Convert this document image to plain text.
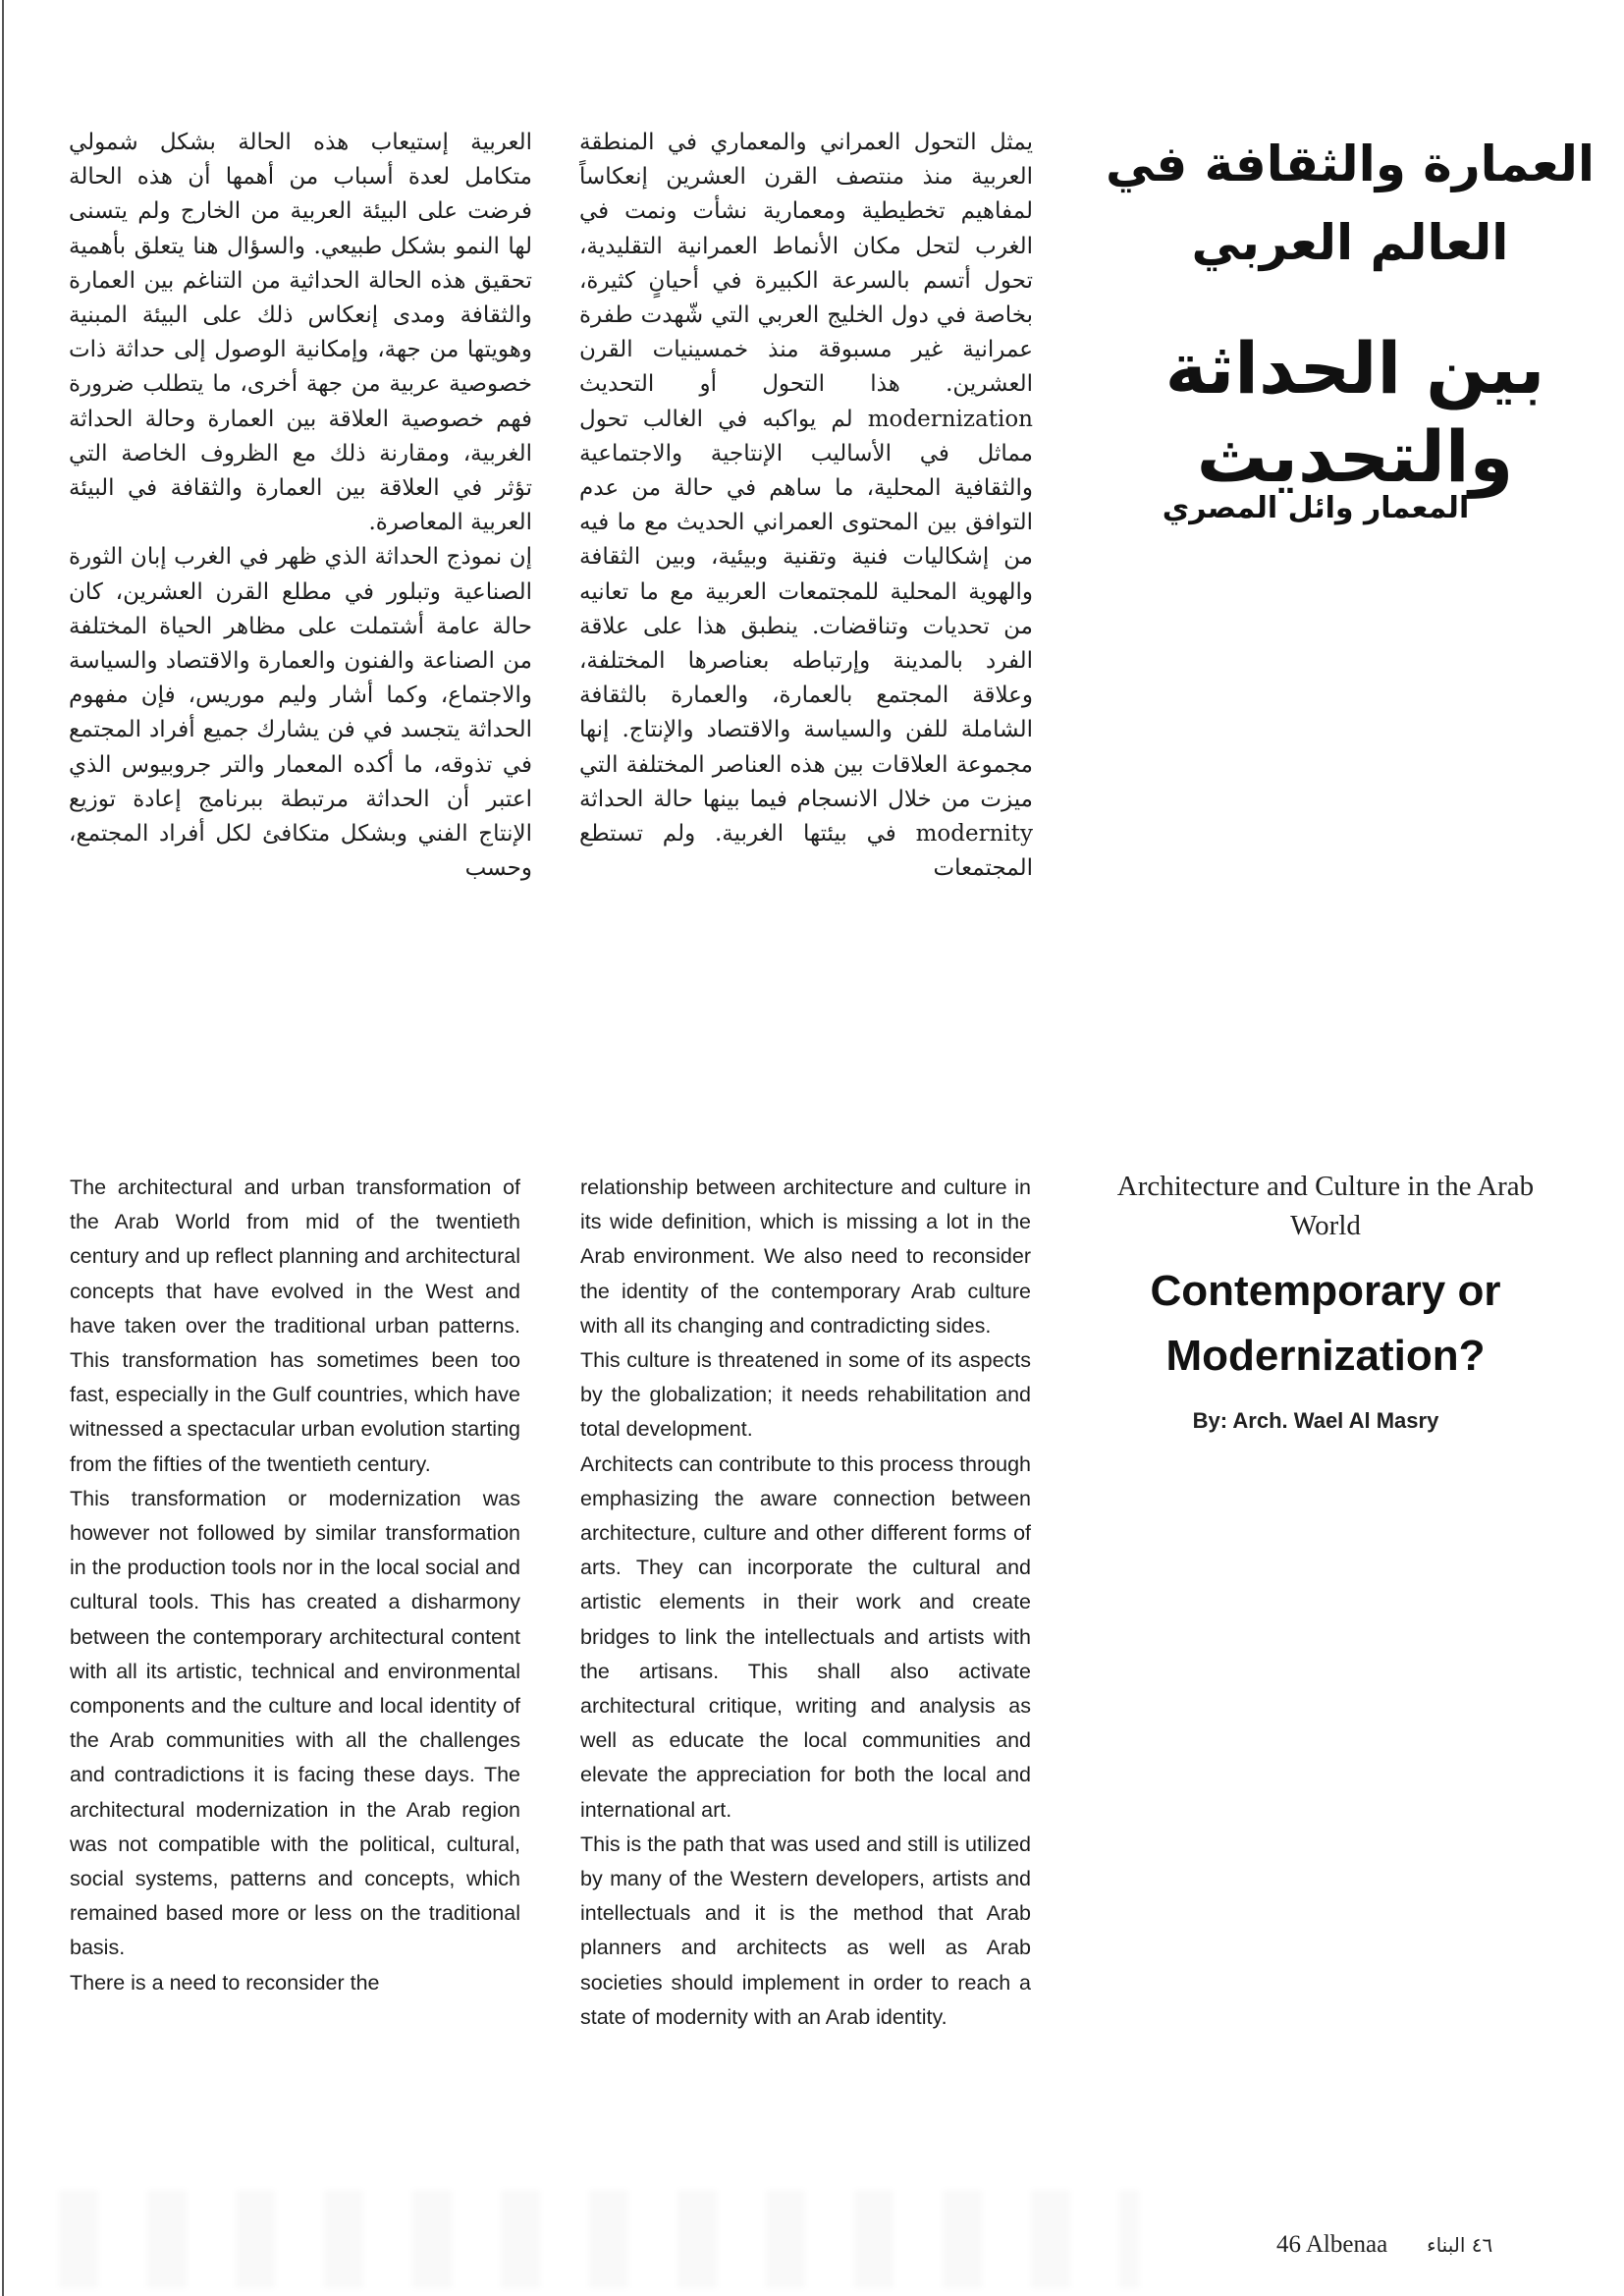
العمارة والثقافة في
العالم العربي
بين الحداثة والتحديث
المعمار وائل المصري

يمثل التحول العمراني والمعماري في المنطقة العربية منذ منتصف القرن العشرين إنعكاساً لمفاهيم تخطيطية ومعمارية نشأت ونمت في الغرب لتحل مكان الأنماط العمرانية التقليدية، تحول أتسم بالسرعة الكبيرة في أحيانٍ كثيرة، بخاصة في دول الخليج العربي التي شّهدت طفرة عمرانية غير مسبوقة منذ خمسينيات القرن العشرين. هذا التحول أو التحديث modernization لم يواكبه في الغالب تحول مماثل في الأساليب الإنتاجية والاجتماعية والثقافية المحلية، ما ساهم في حالة من عدم التوافق بين المحتوى العمراني الحديث مع ما فيه من إشكاليات فنية وتقنية وبيئية، وبين الثقافة والهوية المحلية للمجتمعات العربية مع ما تعانيه من تحديات وتناقضات. ينطبق هذا على علاقة الفرد بالمدينة وإرتباطه بعناصرها المختلفة، وعلاقة المجتمع بالعمارة، والعمارة بالثقافة الشاملة للفن والسياسة والاقتصاد والإنتاج. إنها مجموعة العلاقات بين هذه العناصر المختلفة التي ميزت من خلال الانسجام فيما بينها حالة الحداثة modernity في بيئتها الغربية. ولم تستطع المجتمعات

العربية إستيعاب هذه الحالة بشكل شمولي متكامل لعدة أسباب من أهمها أن هذه الحالة فرضت على البيئة العربية من الخارج ولم يتسنى لها النمو بشكل طبيعي. والسؤال هنا يتعلق بأهمية تحقيق هذه الحالة الحداثية من التناغم بين العمارة والثقافة ومدى إنعكاس ذلك على البيئة المبنية وهويتها من جهة، وإمكانية الوصول إلى حداثة ذات خصوصية عربية من جهة أخرى، ما يتطلب ضرورة فهم خصوصية العلاقة بين العمارة وحالة الحداثة الغربية، ومقارنة ذلك مع الظروف الخاصة التي تؤثر في العلاقة بين العمارة والثقافة في البيئة العربية المعاصرة.

إن نموذج الحداثة الذي ظهر في الغرب إبان الثورة الصناعية وتبلور في مطلع القرن العشرين، كان حالة عامة أشتملت على مظاهر الحياة المختلفة من الصناعة والفنون والعمارة والاقتصاد والسياسة والاجتماع، وكما أشار وليم موريس، فإن مفهوم الحداثة يتجسد في فن يشارك جميع أفراد المجتمع في تذوقه، ما أكده المعمار والتر جروبيوس الذي اعتبر أن الحداثة مرتبطة ببرنامج إعادة توزيع الإنتاج الفني وبشكل متكافئ لكل أفراد المجتمع، وحسب

Architecture and Culture in the Arab World
Contemporary or Modernization?
By: Arch. Wael Al Masry

The architectural and urban transformation of the Arab World from mid of the twentieth century and up reflect planning and architectural concepts that have evolved in the West and have taken over the traditional urban patterns. This transformation has sometimes been too fast, especially in the Gulf countries, which have witnessed a spectacular urban evolution starting from the fifties of the twentieth century.

This transformation or modernization was however not followed by similar transformation in the production tools nor in the local social and cultural tools. This has created a disharmony between the contemporary architectural content with all its artistic, technical and environmental components and the culture and local identity of the Arab communities with all the challenges and contradictions it is facing these days. The architectural modernization in the Arab region was not compatible with the political, cultural, social systems, patterns and concepts, which remained based more or less on the traditional basis.

There is a need to reconsider the

relationship between architecture and culture in its wide definition, which is missing a lot in the Arab environment. We also need to reconsider the identity of the contemporary Arab culture with all its changing and contradicting sides.

This culture is threatened in some of its aspects by the globalization; it needs rehabilitation and total development.

Architects can contribute to this process through emphasizing the aware connection between architecture, culture and other different forms of arts. They can incorporate the cultural and artistic elements in their work and create bridges to link the intellectuals and artists with the artisans. This shall also activate architectural critique, writing and analysis as well as educate the local communities and elevate the appreciation for both the local and international art.

This is the path that was used and still is utilized by many of the Western developers, artists and intellectuals and it is the method that Arab planners and architects as well as Arab societies should implement in order to reach a state of modernity with an Arab identity.

46 Albenaa ٤٦ البناء
